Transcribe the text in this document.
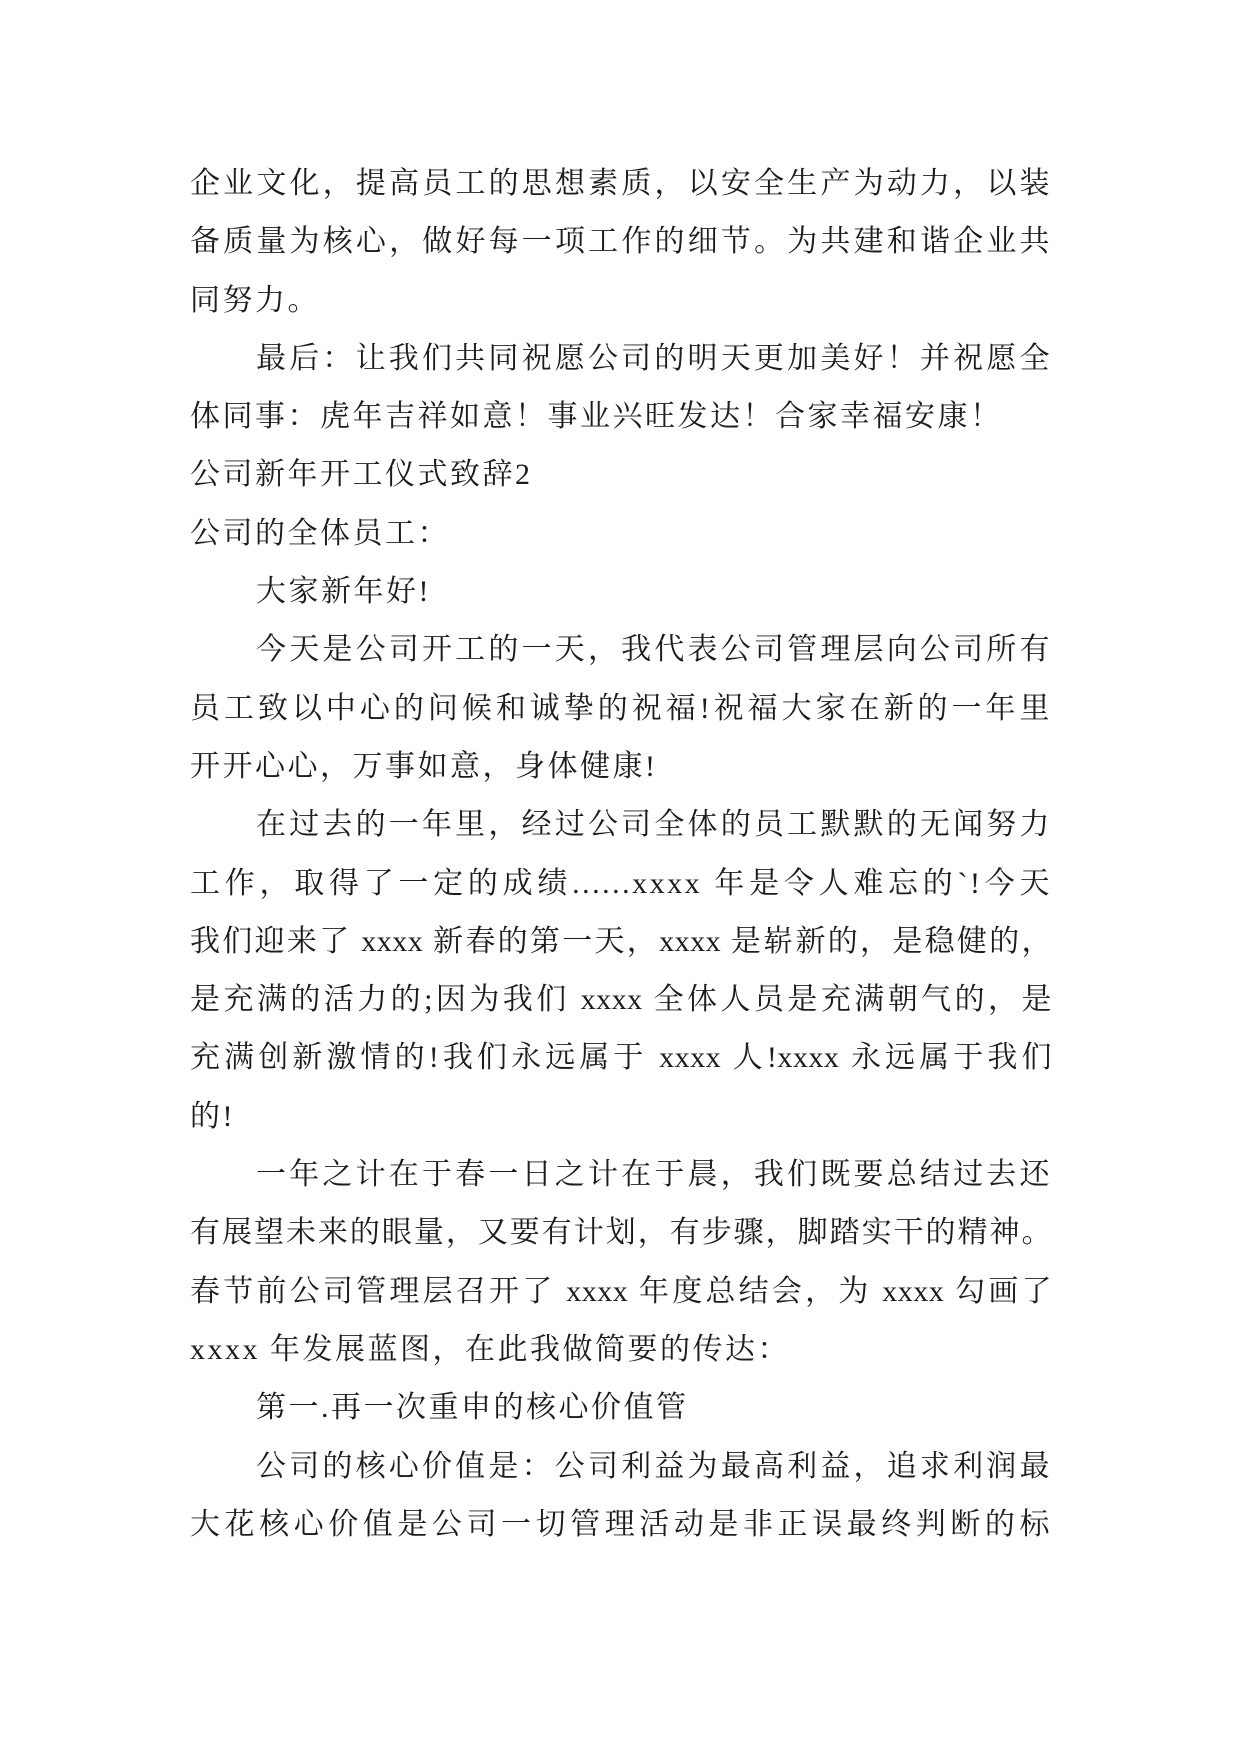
企业文化，提高员工的思想素质，以安全生产为动力，以装
备质量为核心，做好每一项工作的细节。为共建和谐企业共
同努力。
最后：让我们共同祝愿公司的明天更加美好！并祝愿全
体同事：虎年吉祥如意！事业兴旺发达！合家幸福安康！
公司新年开工仪式致辞2
公司的全体员工：
大家新年好!
今天是公司开工的一天，我代表公司管理层向公司所有
员工致以中心的问候和诚挚的祝福!祝福大家在新的一年里
开开心心，万事如意，身体健康!
在过去的一年里，经过公司全体的员工默默的无闻努力
工作，取得了一定的成绩......xxxx 年是令人难忘的`!今天
我们迎来了 xxxx 新春的第一天，xxxx 是崭新的，是稳健的，
是充满的活力的;因为我们 xxxx 全体人员是充满朝气的，是
充满创新激情的!我们永远属于 xxxx 人!xxxx 永远属于我们
的!
一年之计在于春一日之计在于晨，我们既要总结过去还
有展望未来的眼量，又要有计划，有步骤，脚踏实干的精神。
春节前公司管理层召开了 xxxx 年度总结会，为 xxxx 勾画了
xxxx 年发展蓝图，在此我做简要的传达：
第一.再一次重申的核心价值管
公司的核心价值是：公司利益为最高利益，追求利润最
大花核心价值是公司一切管理活动是非正误最终判断的标
